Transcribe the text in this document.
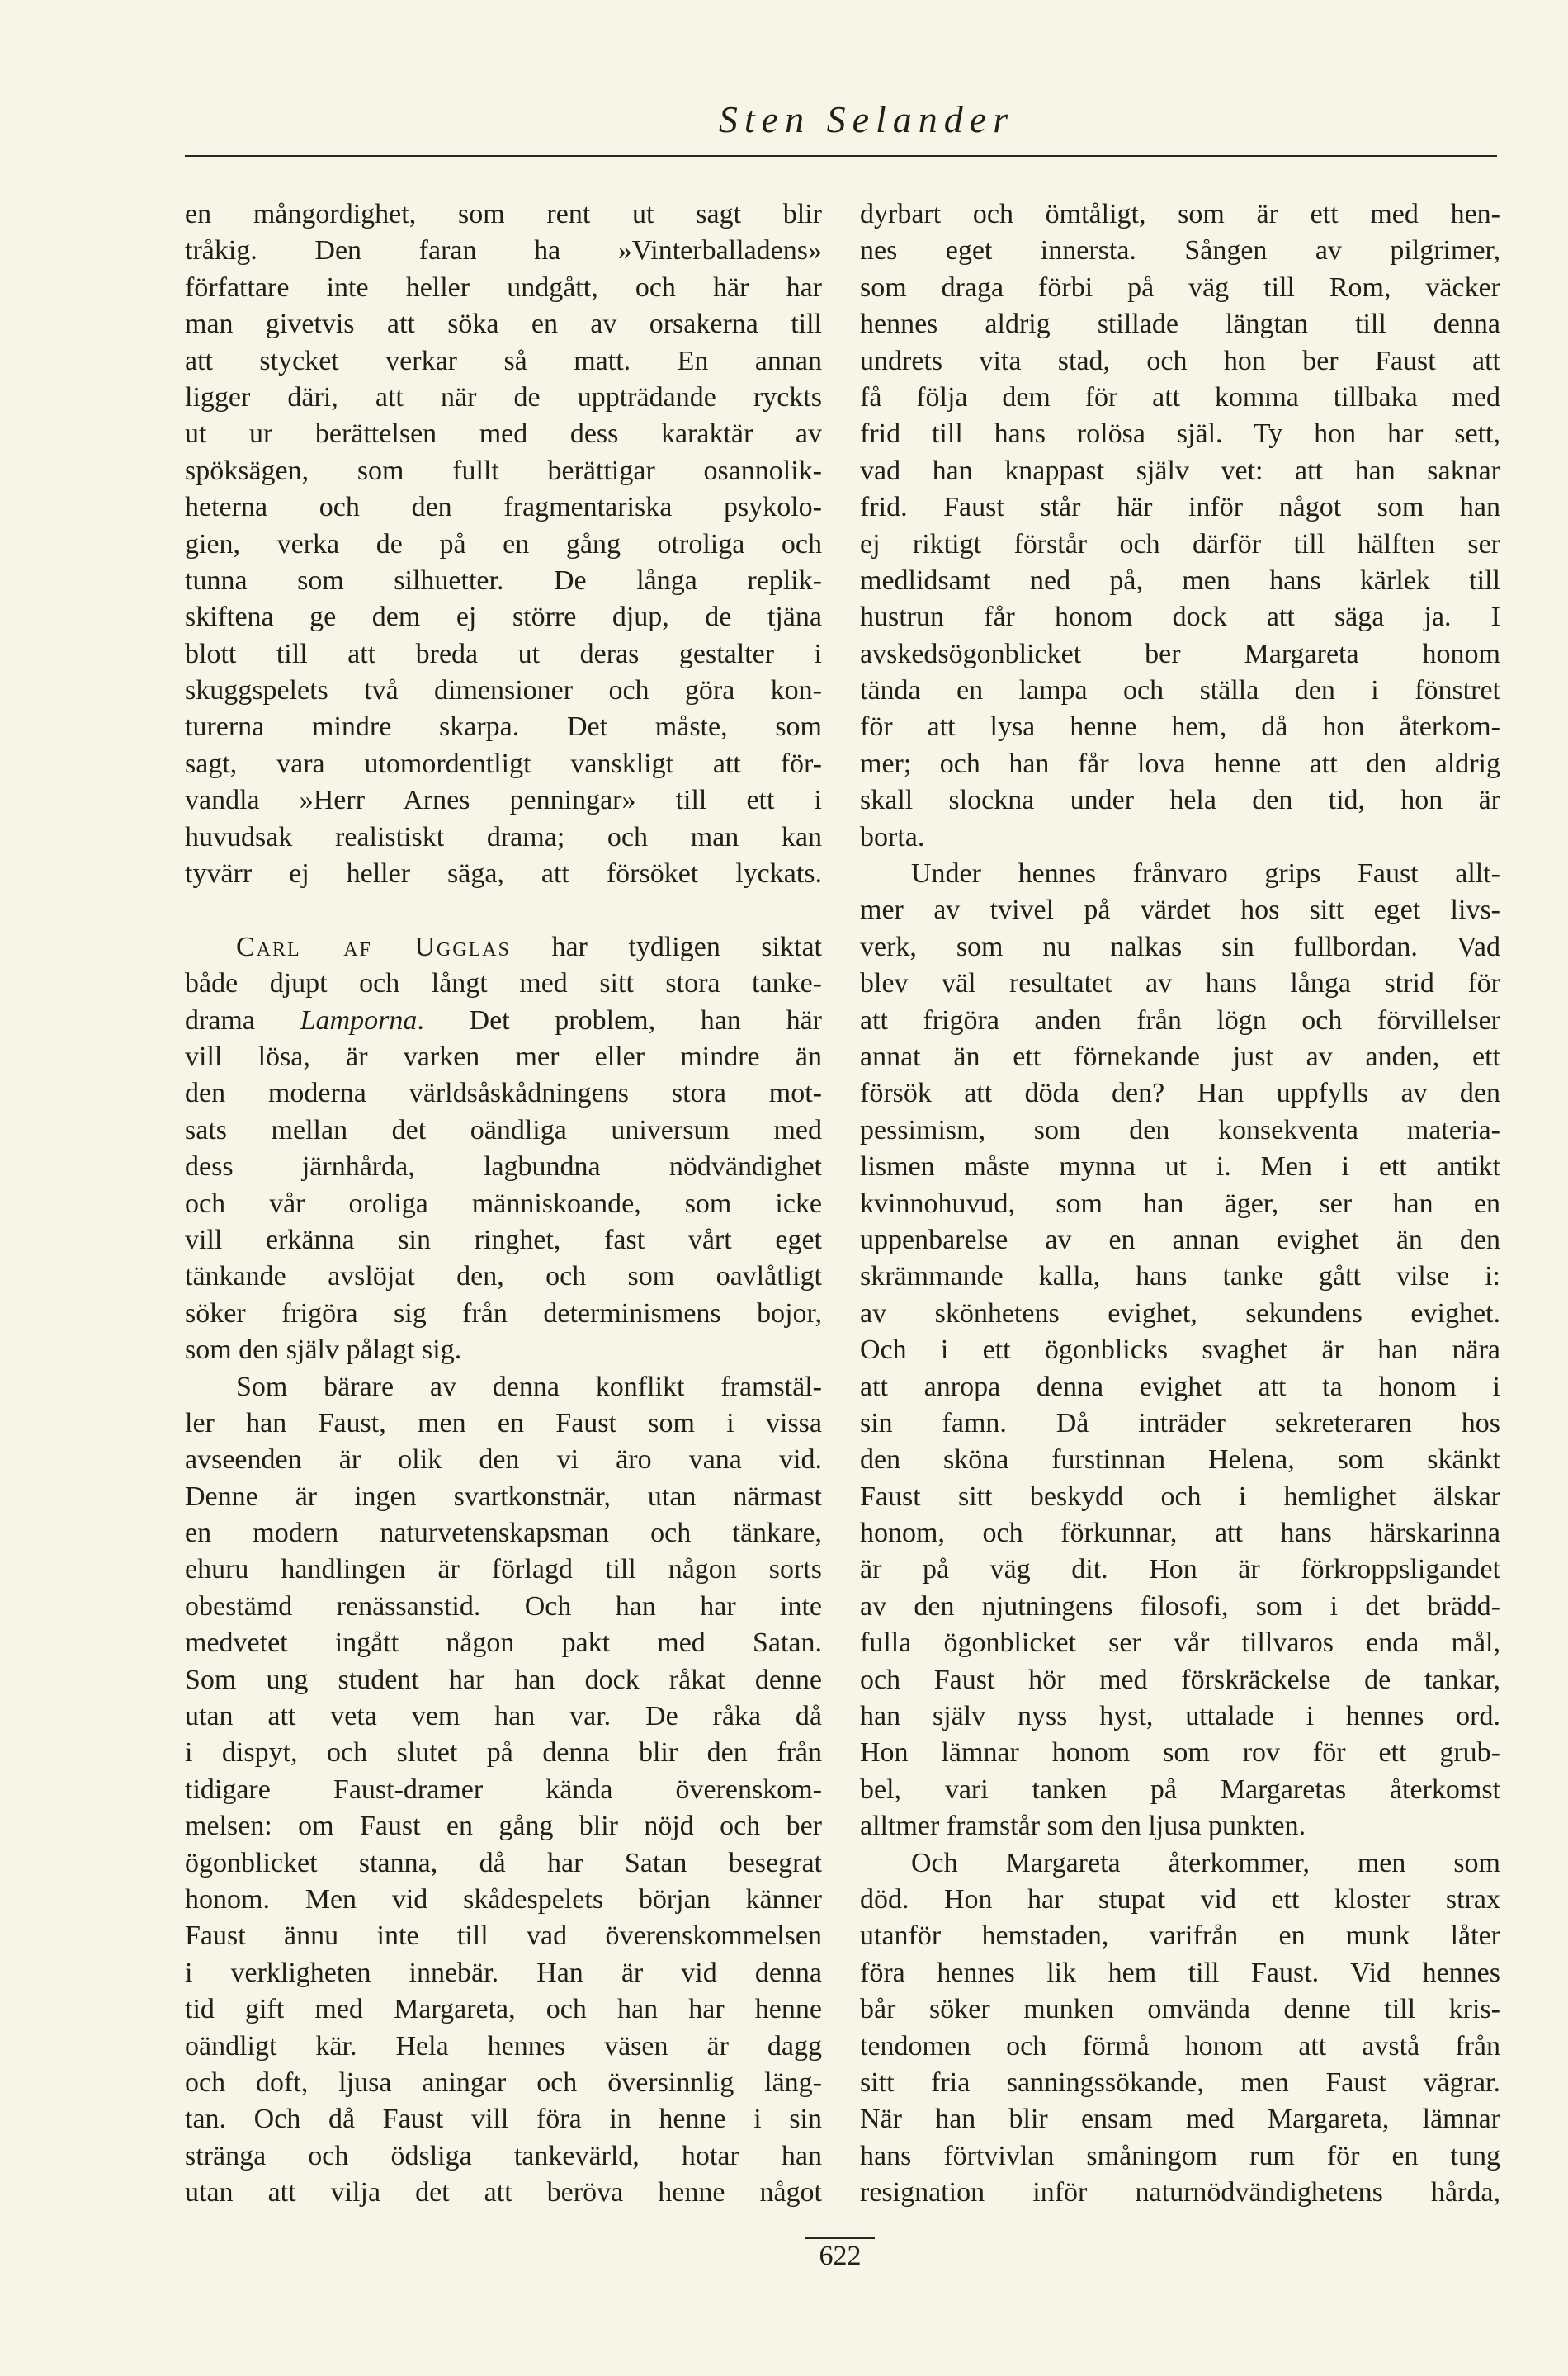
Sten Selander
en mångordighet, som rent ut sagt blir
tråkig. Den faran ha »Vinterballadens»
författare inte heller undgått, och här har
man givetvis att söka en av orsakerna till
att stycket verkar så matt. En annan
ligger däri, att när de uppträdande ryckts
ut ur berättelsen med dess karaktär av
spöksägen, som fullt berättigar osannolik-
heterna och den fragmentariska psykolo-
gien, verka de på en gång otroliga och
tunna som silhuetter. De långa replik-
skiftena ge dem ej större djup, de tjäna
blott till att breda ut deras gestalter i
skuggspelets två dimensioner och göra kon-
turerna mindre skarpa. Det måste, som
sagt, vara utomordentligt vanskligt att för-
vandla »Herr Arnes penningar» till ett i
huvudsak realistiskt drama; och man kan
tyvärr ej heller säga, att försöket lyckats.
Carl af Ugglas har tydligen siktat
både djupt och långt med sitt stora tanke-
drama Lamporna. Det problem, han här
vill lösa, är varken mer eller mindre än
den moderna världsåskådningens stora mot-
sats mellan det oändliga universum med
dess järnhårda, lagbundna nödvändighet
och vår oroliga människoande, som icke
vill erkänna sin ringhet, fast vårt eget
tänkande avslöjat den, och som oavlåtligt
söker frigöra sig från determinismens bojor,
som den själv pålagt sig.
Som bärare av denna konflikt framstäl-
ler han Faust, men en Faust som i vissa
avseenden är olik den vi äro vana vid.
Denne är ingen svartkonstnär, utan närmast
en modern naturvetenskapsman och tänkare,
ehuru handlingen är förlagd till någon sorts
obestämd renässanstid. Och han har inte
medvetet ingått någon pakt med Satan.
Som ung student har han dock råkat denne
utan att veta vem han var. De råka då
i dispyt, och slutet på denna blir den från
tidigare Faust-dramer kända överenskom-
melsen: om Faust en gång blir nöjd och ber
ögonblicket stanna, då har Satan besegrat
honom. Men vid skådespelets början känner
Faust ännu inte till vad överenskommelsen
i verkligheten innebär. Han är vid denna
tid gift med Margareta, och han har henne
oändligt kär. Hela hennes väsen är dagg
och doft, ljusa aningar och översinnlig läng-
tan. Och då Faust vill föra in henne i sin
stränga och ödsliga tankevärld, hotar han
utan att vilja det att beröva henne något
dyrbart och ömtåligt, som är ett med hen-
nes eget innersta. Sången av pilgrimer,
som draga förbi på väg till Rom, väcker
hennes aldrig stillade längtan till denna
undrets vita stad, och hon ber Faust att
få följa dem för att komma tillbaka med
frid till hans rolösa själ. Ty hon har sett,
vad han knappast själv vet: att han saknar
frid. Faust står här inför något som han
ej riktigt förstår och därför till hälften ser
medlidsamt ned på, men hans kärlek till
hustrun får honom dock att säga ja. I
avskedsögonblicket ber Margareta honom
tända en lampa och ställa den i fönstret
för att lysa henne hem, då hon återkom-
mer; och han får lova henne att den aldrig
skall slockna under hela den tid, hon är
borta.
Under hennes frånvaro grips Faust allt-
mer av tvivel på värdet hos sitt eget livs-
verk, som nu nalkas sin fullbordan. Vad
blev väl resultatet av hans långa strid för
att frigöra anden från lögn och förvillelser
annat än ett förnekande just av anden, ett
försök att döda den? Han uppfylls av den
pessimism, som den konsekventa materia-
lismen måste mynna ut i. Men i ett antikt
kvinnohuvud, som han äger, ser han en
uppenbarelse av en annan evighet än den
skrämmande kalla, hans tanke gått vilse i:
av skönhetens evighet, sekundens evighet.
Och i ett ögonblicks svaghet är han nära
att anropa denna evighet att ta honom i
sin famn. Då inträder sekreteraren hos
den sköna furstinnan Helena, som skänkt
Faust sitt beskydd och i hemlighet älskar
honom, och förkunnar, att hans härskarinna
är på väg dit. Hon är förkroppsligandet
av den njutningens filosofi, som i det brädd-
fulla ögonblicket ser vår tillvaros enda mål,
och Faust hör med förskräckelse de tankar,
han själv nyss hyst, uttalade i hennes ord.
Hon lämnar honom som rov för ett grub-
bel, vari tanken på Margaretas återkomst
alltmer framstår som den ljusa punkten.
Och Margareta återkommer, men som
död. Hon har stupat vid ett kloster strax
utanför hemstaden, varifrån en munk låter
föra hennes lik hem till Faust. Vid hennes
bår söker munken omvända denne till kris-
tendomen och förmå honom att avstå från
sitt fria sanningssökande, men Faust vägrar.
När han blir ensam med Margareta, lämnar
hans förtvivlan småningom rum för en tung
resignation inför naturnödvändighetens hårda,
622
